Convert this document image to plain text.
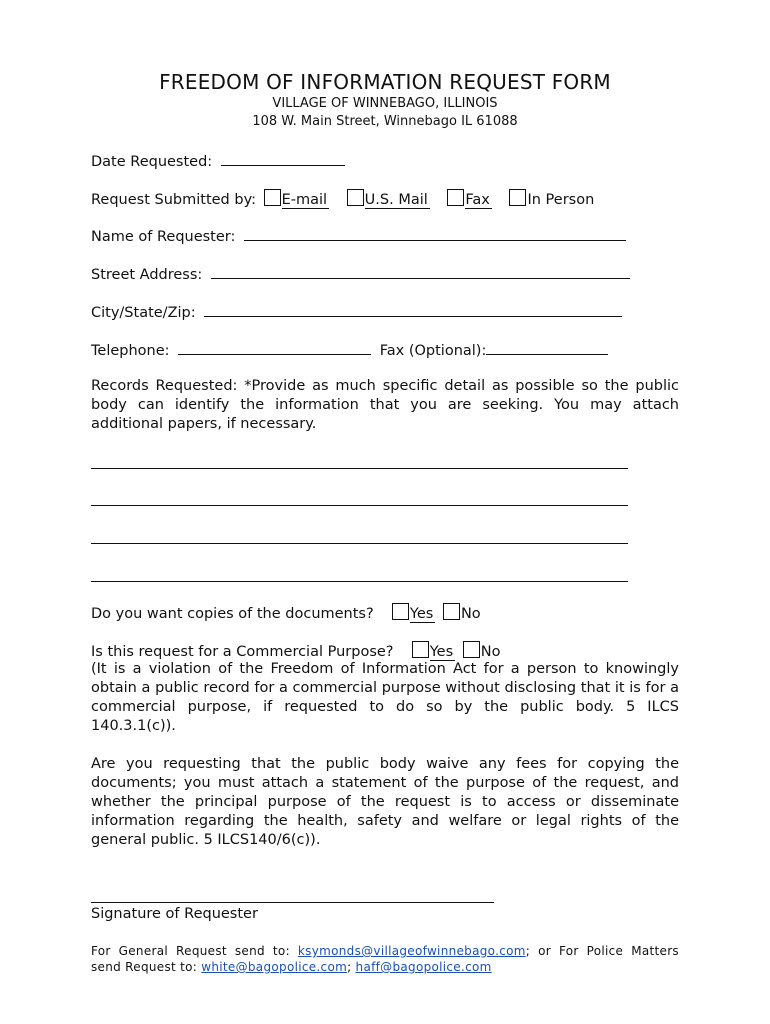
FREEDOM OF INFORMATION REQUEST FORM
VILLAGE OF WINNEBAGO, ILLINOIS
108 W. Main Street, Winnebago IL 61088
Date Requested:
Request Submitted by: E-mail	U.S. Mail	Fax	In Person
Name of Requester:
Street Address:
City/State/Zip:
Telephone:	Fax (Optional):
Records Requested: *Provide as much specific detail as possible so the public body can identify the information that you are seeking. You may attach additional papers, if necessary.
Do you want copies of the documents? Yes No
Is this request for a Commercial Purpose? Yes No
(It is a violation of the Freedom of Information Act for a person to knowingly obtain a public record for a commercial purpose without disclosing that it is for a commercial purpose, if requested to do so by the public body. 5 ILCS 140.3.1(c)).
Are you requesting that the public body waive any fees for copying the documents; you must attach a statement of the purpose of the request, and whether the principal purpose of the request is to access or disseminate information regarding the health, safety and welfare or legal rights of the general public. 5 ILCS140/6(c)).
Signature of Requester
For General Request send to: ksymonds@villageofwinnebago.com; or For Police Matters
send Request to: white@bagopolice.com; haff@bagopolice.com
